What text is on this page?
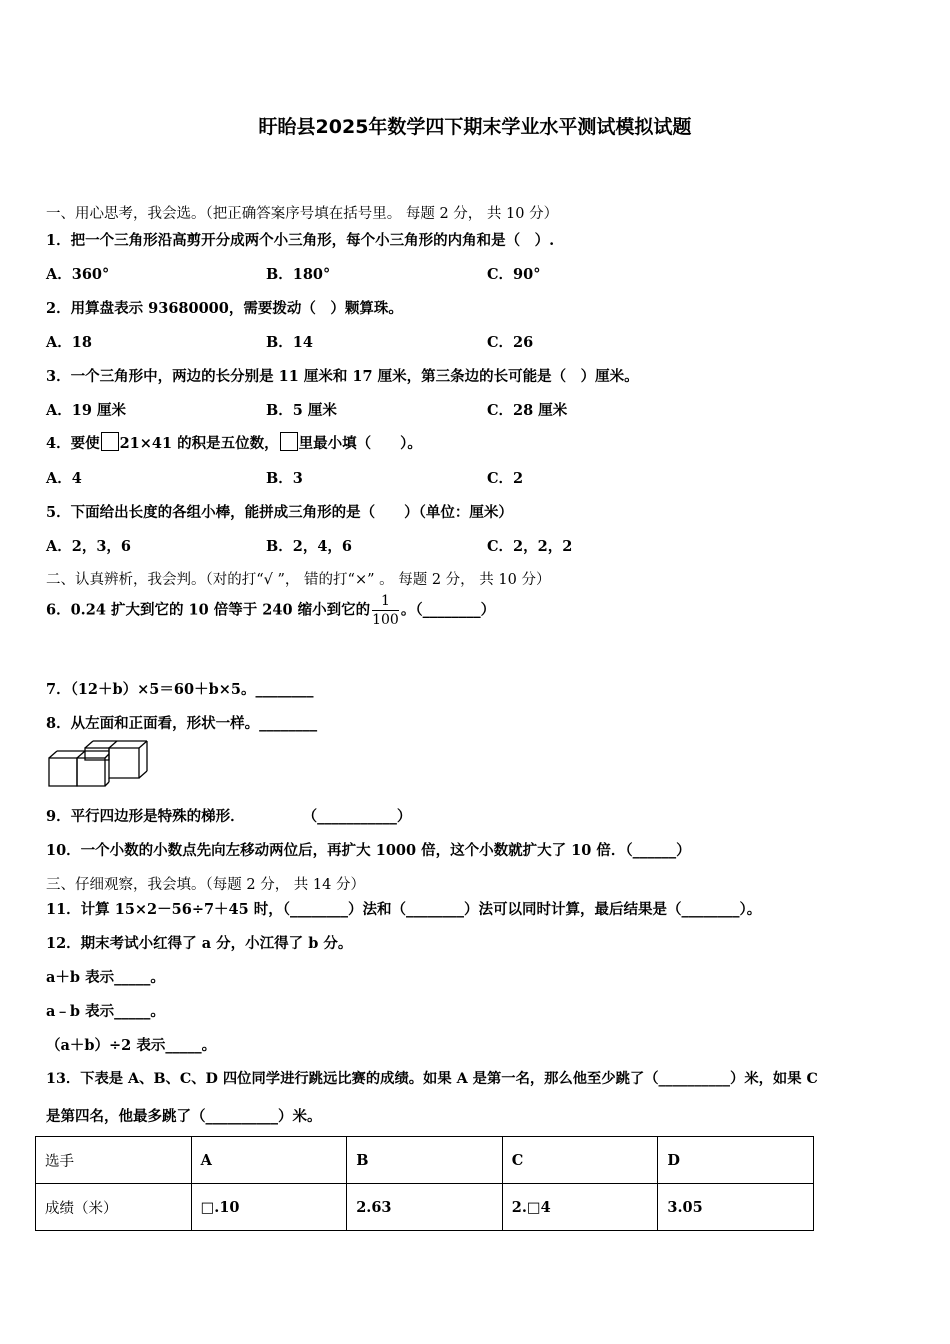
盱眙县2025年数学四下期末学业水平测试模拟试题
一、用心思考，我会选。（把正确答案序号填在括号里。 每题 2 分， 共 10 分）
1．把一个三角形沿高剪开分成两个小三角形，每个小三角形的内角和是（　）.
A．360°	B．180°	C．90°
2．用算盘表示 93680000，需要拨动（　）颗算珠。
A．18	B．14	C．26
3．一个三角形中，两边的长分别是 11 厘米和 17 厘米，第三条边的长可能是（　）厘米。
A．19 厘米	B．5 厘米	C．28 厘米
4．要使 21×41 的积是五位数， 里最小填（　　）。
A．4	B．3	C．2
5．下面给出长度的各组小棒，能拼成三角形的是（　　）（单位：厘米）
A．2，3，6	B．2，4，6	C．2，2，2
二、认真辨析，我会判。（对的打“√ ”， 错的打“×” 。 每题 2 分， 共 10 分）
6．0.24 扩大到它的 10 倍等于 240 缩小到它的 $\frac{1}{100}$ 。（________）
7．（12＋b）×5＝60＋b×5。________
8．从左面和正面看，形状一样。________
9．平行四边形是特殊的梯形．　　　　　（___________）
10．一个小数的小数点先向左移动两位后，再扩大 1000 倍，这个小数就扩大了 10 倍．（______）
三、仔细观察，我会填。（每题 2 分， 共 14 分）
11．计算 15×2－56÷7＋45 时，（________）法和（________）法可以同时计算，最后结果是（________）。
12．期末考试小红得了 a 分，小江得了 b 分。
a＋b 表示_____。
a﹣b 表示_____。
（a＋b）÷2 表示_____。
13．下表是 A、B、C、D 四位同学进行跳远比赛的成绩。如果 A 是第一名，那么他至少跳了（__________）米，如果 C
是第四名，他最多跳了（__________）米。
选手	A	B	C	D
成绩（米）	□.10	2.63	2.□4	3.05
